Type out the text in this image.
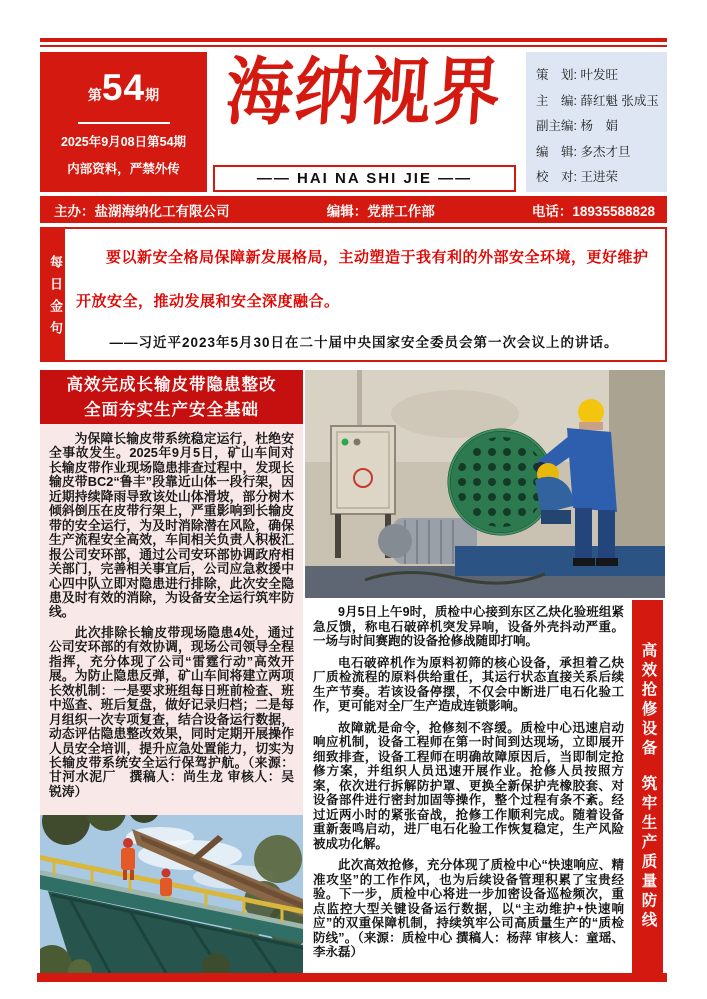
第54期
2025年9月08日第54期
内部资料，严禁外传
海纳视界
—— HAI NA SHI JIE ——
策　划: 叶发旺
主　编: 薛红魁 张成玉
副主编: 杨　娟
编　辑: 多杰才旦
校　对: 王进荣
主办：盐湖海纳化工有限公司	编辑：党群工作部	电话：18935588828
每日金句	要以新安全格局保障新发展格局，主动塑造于我有利的外部安全环境，更好维护开放安全，推动发展和安全深度融合。

——习近平2023年5月30日在二十届中央国家安全委员会第一次会议上的讲话。

高效完成长输皮带隐患整改
全面夯实生产安全基础

为保障长输皮带系统稳定运行，杜绝安全事故发生。2025年9月5日，矿山车间对长输皮带作业现场隐患排查过程中，发现长输皮带BC2“鲁丰”段靠近山体一段行架，因近期持续降雨导致该处山体滑坡，部分树木倾斜倒压在皮带行架上，严重影响到长输皮带的安全运行，为及时消除潜在风险，确保生产流程安全高效，车间相关负责人积极汇报公司安环部，通过公司安环部协调政府相关部门，完善相关事宜后，公司应急救援中心四中队立即对隐患进行排除，此次安全隐患及时有效的消除，为设备安全运行筑牢防线。

此次排除长输皮带现场隐患4处，通过公司安环部的有效协调，现场公司领导全程指挥，充分体现了公司“雷霆行动”高效开展。为防止隐患反弹，矿山车间将建立两项长效机制：一是要求班组每日班前检查、班中巡查、班后复盘，做好记录归档；二是每月组织一次专项复查，结合设备运行数据，动态评估隐患整改效果，同时定期开展操作人员安全培训，提升应急处置能力，切实为长输皮带系统安全运行保驾护航。（来源：甘河水泥厂　撰稿人：尚生龙 审核人：吴锐涛）

9月5日上午9时，质检中心接到东区乙炔化验班组紧急反馈，称电石破碎机突发异响，设备外壳抖动严重。一场与时间赛跑的设备抢修战随即打响。

电石破碎机作为原料初筛的核心设备，承担着乙炔厂质检流程的原料供给重任，其运行状态直接关系后续生产节奏。若该设备停摆，不仅会中断进厂电石化验工作，更可能对全厂生产造成连锁影响。

故障就是命令，抢修刻不容缓。质检中心迅速启动响应机制，设备工程师在第一时间到达现场，立即展开细致排查，设备工程师在明确故障原因后，当即制定抢修方案，并组织人员迅速开展作业。抢修人员按照方案，依次进行拆解防护罩、更换全新保护壳橡胶套、对设备部件进行密封加固等操作，整个过程有条不紊。经过近两小时的紧张奋战，抢修工作顺利完成。随着设备重新轰鸣启动，进厂电石化验工作恢复稳定，生产风险被成功化解。

此次高效抢修，充分体现了质检中心“快速响应、精准攻坚”的工作作风，也为后续设备管理积累了宝贵经验。下一步，质检中心将进一步加密设备巡检频次，重点监控大型关键设备运行数据，以“主动维护+快速响应”的双重保障机制，持续筑牢公司高质量生产的“质检防线”。（来源：质检中心 撰稿人：杨萍 审核人：童瑶、李永磊）

高效抢修设备
筑牢生产质量防线
